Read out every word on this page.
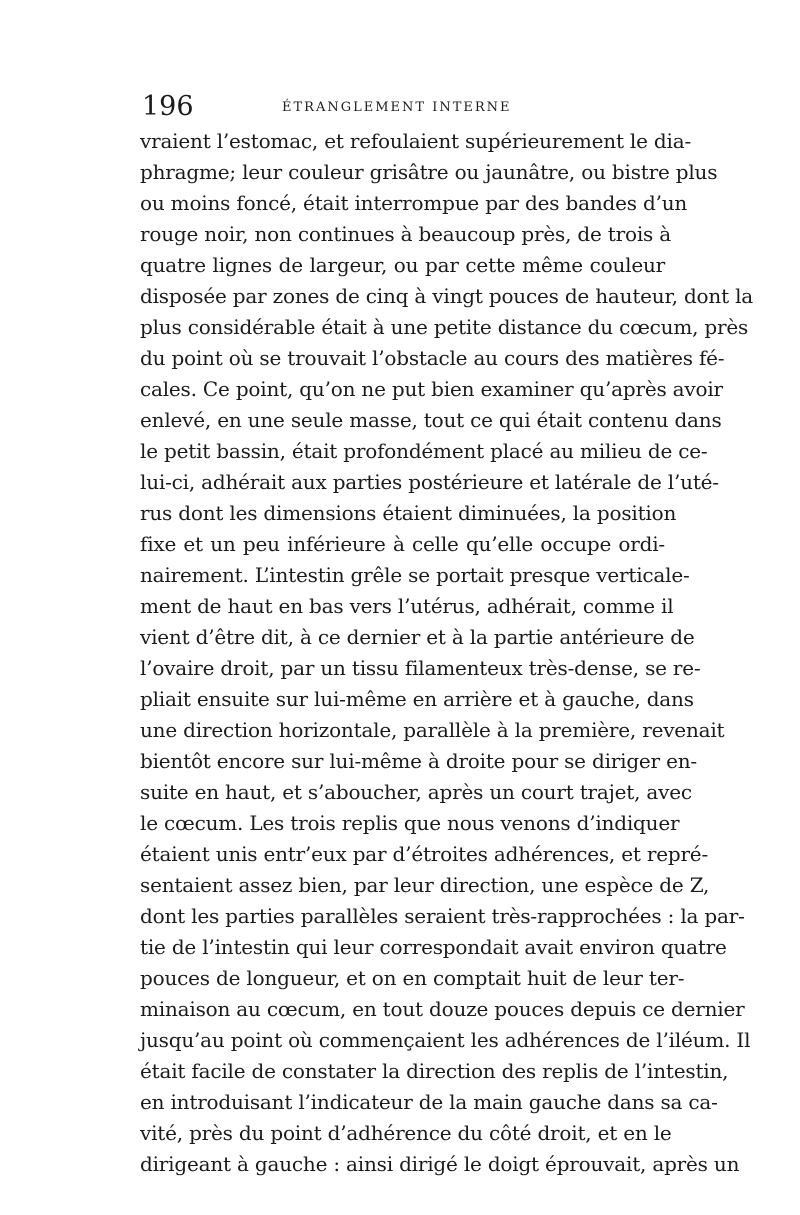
196	ÉTRANGLEMENT INTERNE
vraient l’estomac, et refoulaient supérieurement le dia-
phragme; leur couleur grisâtre ou jaunâtre, ou bistre plus
ou moins foncé, était interrompue par des bandes d’un
rouge noir, non continues à beaucoup près, de trois à
quatre lignes de largeur, ou par cette même couleur
disposée par zones de cinq à vingt pouces de hauteur, dont la
plus considérable était à une petite distance du cœcum, près
du point où se trouvait l’obstacle au cours des matières fé-
cales. Ce point, qu’on ne put bien examiner qu’après avoir
enlevé, en une seule masse, tout ce qui était contenu dans
le petit bassin, était profondément placé au milieu de ce-
lui-ci, adhérait aux parties postérieure et latérale de l’uté-
rus dont les dimensions étaient diminuées, la position
fixe et un peu inférieure à celle qu’elle occupe ordi-
nairement. L’intestin grêle se portait presque verticale-
ment de haut en bas vers l’utérus, adhérait, comme il
vient d’être dit, à ce dernier et à la partie antérieure de
l’ovaire droit, par un tissu filamenteux très-dense, se re-
pliait ensuite sur lui-même en arrière et à gauche, dans
une direction horizontale, parallèle à la première, revenait
bientôt encore sur lui-même à droite pour se diriger en-
suite en haut, et s’aboucher, après un court trajet, avec
le cœcum. Les trois replis que nous venons d’indiquer
étaient unis entr’eux par d’étroites adhérences, et repré-
sentaient assez bien, par leur direction, une espèce de Z,
dont les parties parallèles seraient très-rapprochées : la par-
tie de l’intestin qui leur correspondait avait environ quatre
pouces de longueur, et on en comptait huit de leur ter-
minaison au cœcum, en tout douze pouces depuis ce dernier
jusqu’au point où commençaient les adhérences de l’iléum. Il
était facile de constater la direction des replis de l’intestin,
en introduisant l’indicateur de la main gauche dans sa ca-
vité, près du point d’adhérence du côté droit, et en le
dirigeant à gauche : ainsi dirigé le doigt éprouvait, après un
